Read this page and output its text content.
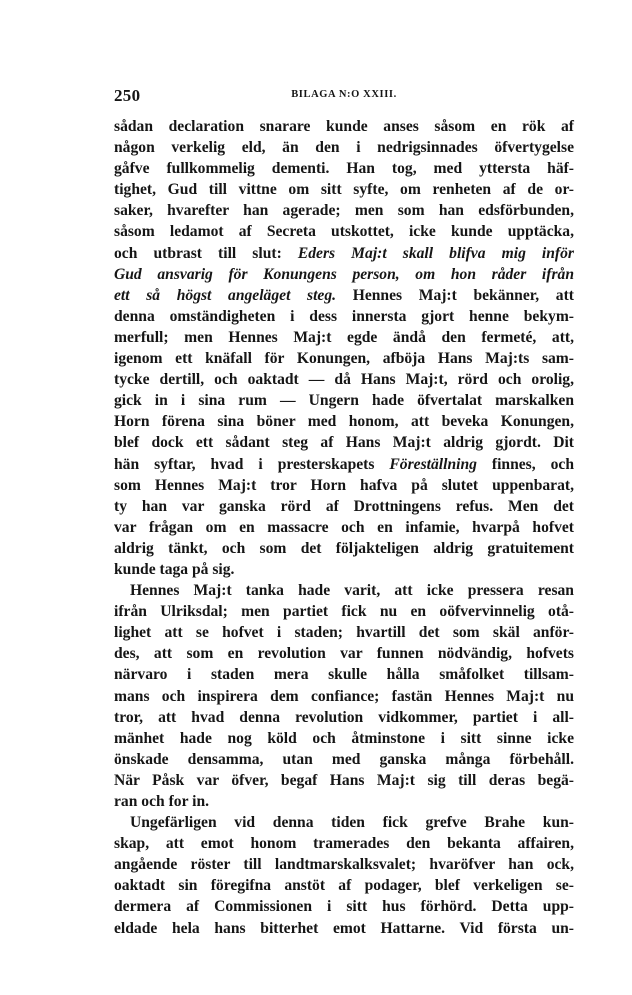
250	BILAGA N:O XXIII.
sådan declaration snarare kunde anses såsom en rök af
någon verkelig eld, än den i nedrigsinnades öfvertygelse
gåfve fullkommelig dementi. Han tog, med yttersta häf-
tighet, Gud till vittne om sitt syfte, om renheten af de or-
saker, hvarefter han agerade; men som han edsförbunden,
såsom ledamot af Secreta utskottet, icke kunde upptäcka,
och utbrast till slut: Eders Maj:t skall blifva mig inför
Gud ansvarig för Konungens person, om hon råder ifrån
ett så högst angeläget steg. Hennes Maj:t bekänner, att
denna omständigheten i dess innersta gjort henne bekym-
merfull; men Hennes Maj:t egde ändå den fermeté, att,
igenom ett knäfall för Konungen, afböja Hans Maj:ts sam-
tycke dertill, och oaktadt — då Hans Maj:t, rörd och orolig,
gick in i sina rum — Ungern hade öfvertalat marskalken
Horn förena sina böner med honom, att beveka Konungen,
blef dock ett sådant steg af Hans Maj:t aldrig gjordt. Dit
hän syftar, hvad i presterskapets Föreställning finnes, och
som Hennes Maj:t tror Horn hafva på slutet uppenbarat,
ty han var ganska rörd af Drottningens refus. Men det
var frågan om en massacre och en infamie, hvarpå hofvet
aldrig tänkt, och som det följakteligen aldrig gratuitement
kunde taga på sig.
Hennes Maj:t tanka hade varit, att icke pressera resan
ifrån Ulriksdal; men partiet fick nu en oöfvervinnelig otå-
lighet att se hofvet i staden; hvartill det som skäl anför-
des, att som en revolution var funnen nödvändig, hofvets
närvaro i staden mera skulle hålla småfolket tillsam-
mans och inspirera dem confiance; fastän Hennes Maj:t nu
tror, att hvad denna revolution vidkommer, partiet i all-
mänhet hade nog köld och åtminstone i sitt sinne icke
önskade densamma, utan med ganska många förbehåll.
När Påsk var öfver, begaf Hans Maj:t sig till deras begä-
ran och for in.
Ungefärligen vid denna tiden fick grefve Brahe kun-
skap, att emot honom tramerades den bekanta affairen,
angående röster till landtmarskalksvalet; hvaröfver han ock,
oaktadt sin föregifna anstöt af podager, blef verkeligen se-
dermera af Commissionen i sitt hus förhörd. Detta upp-
eldade hela hans bitterhet emot Hattarne. Vid första un-
